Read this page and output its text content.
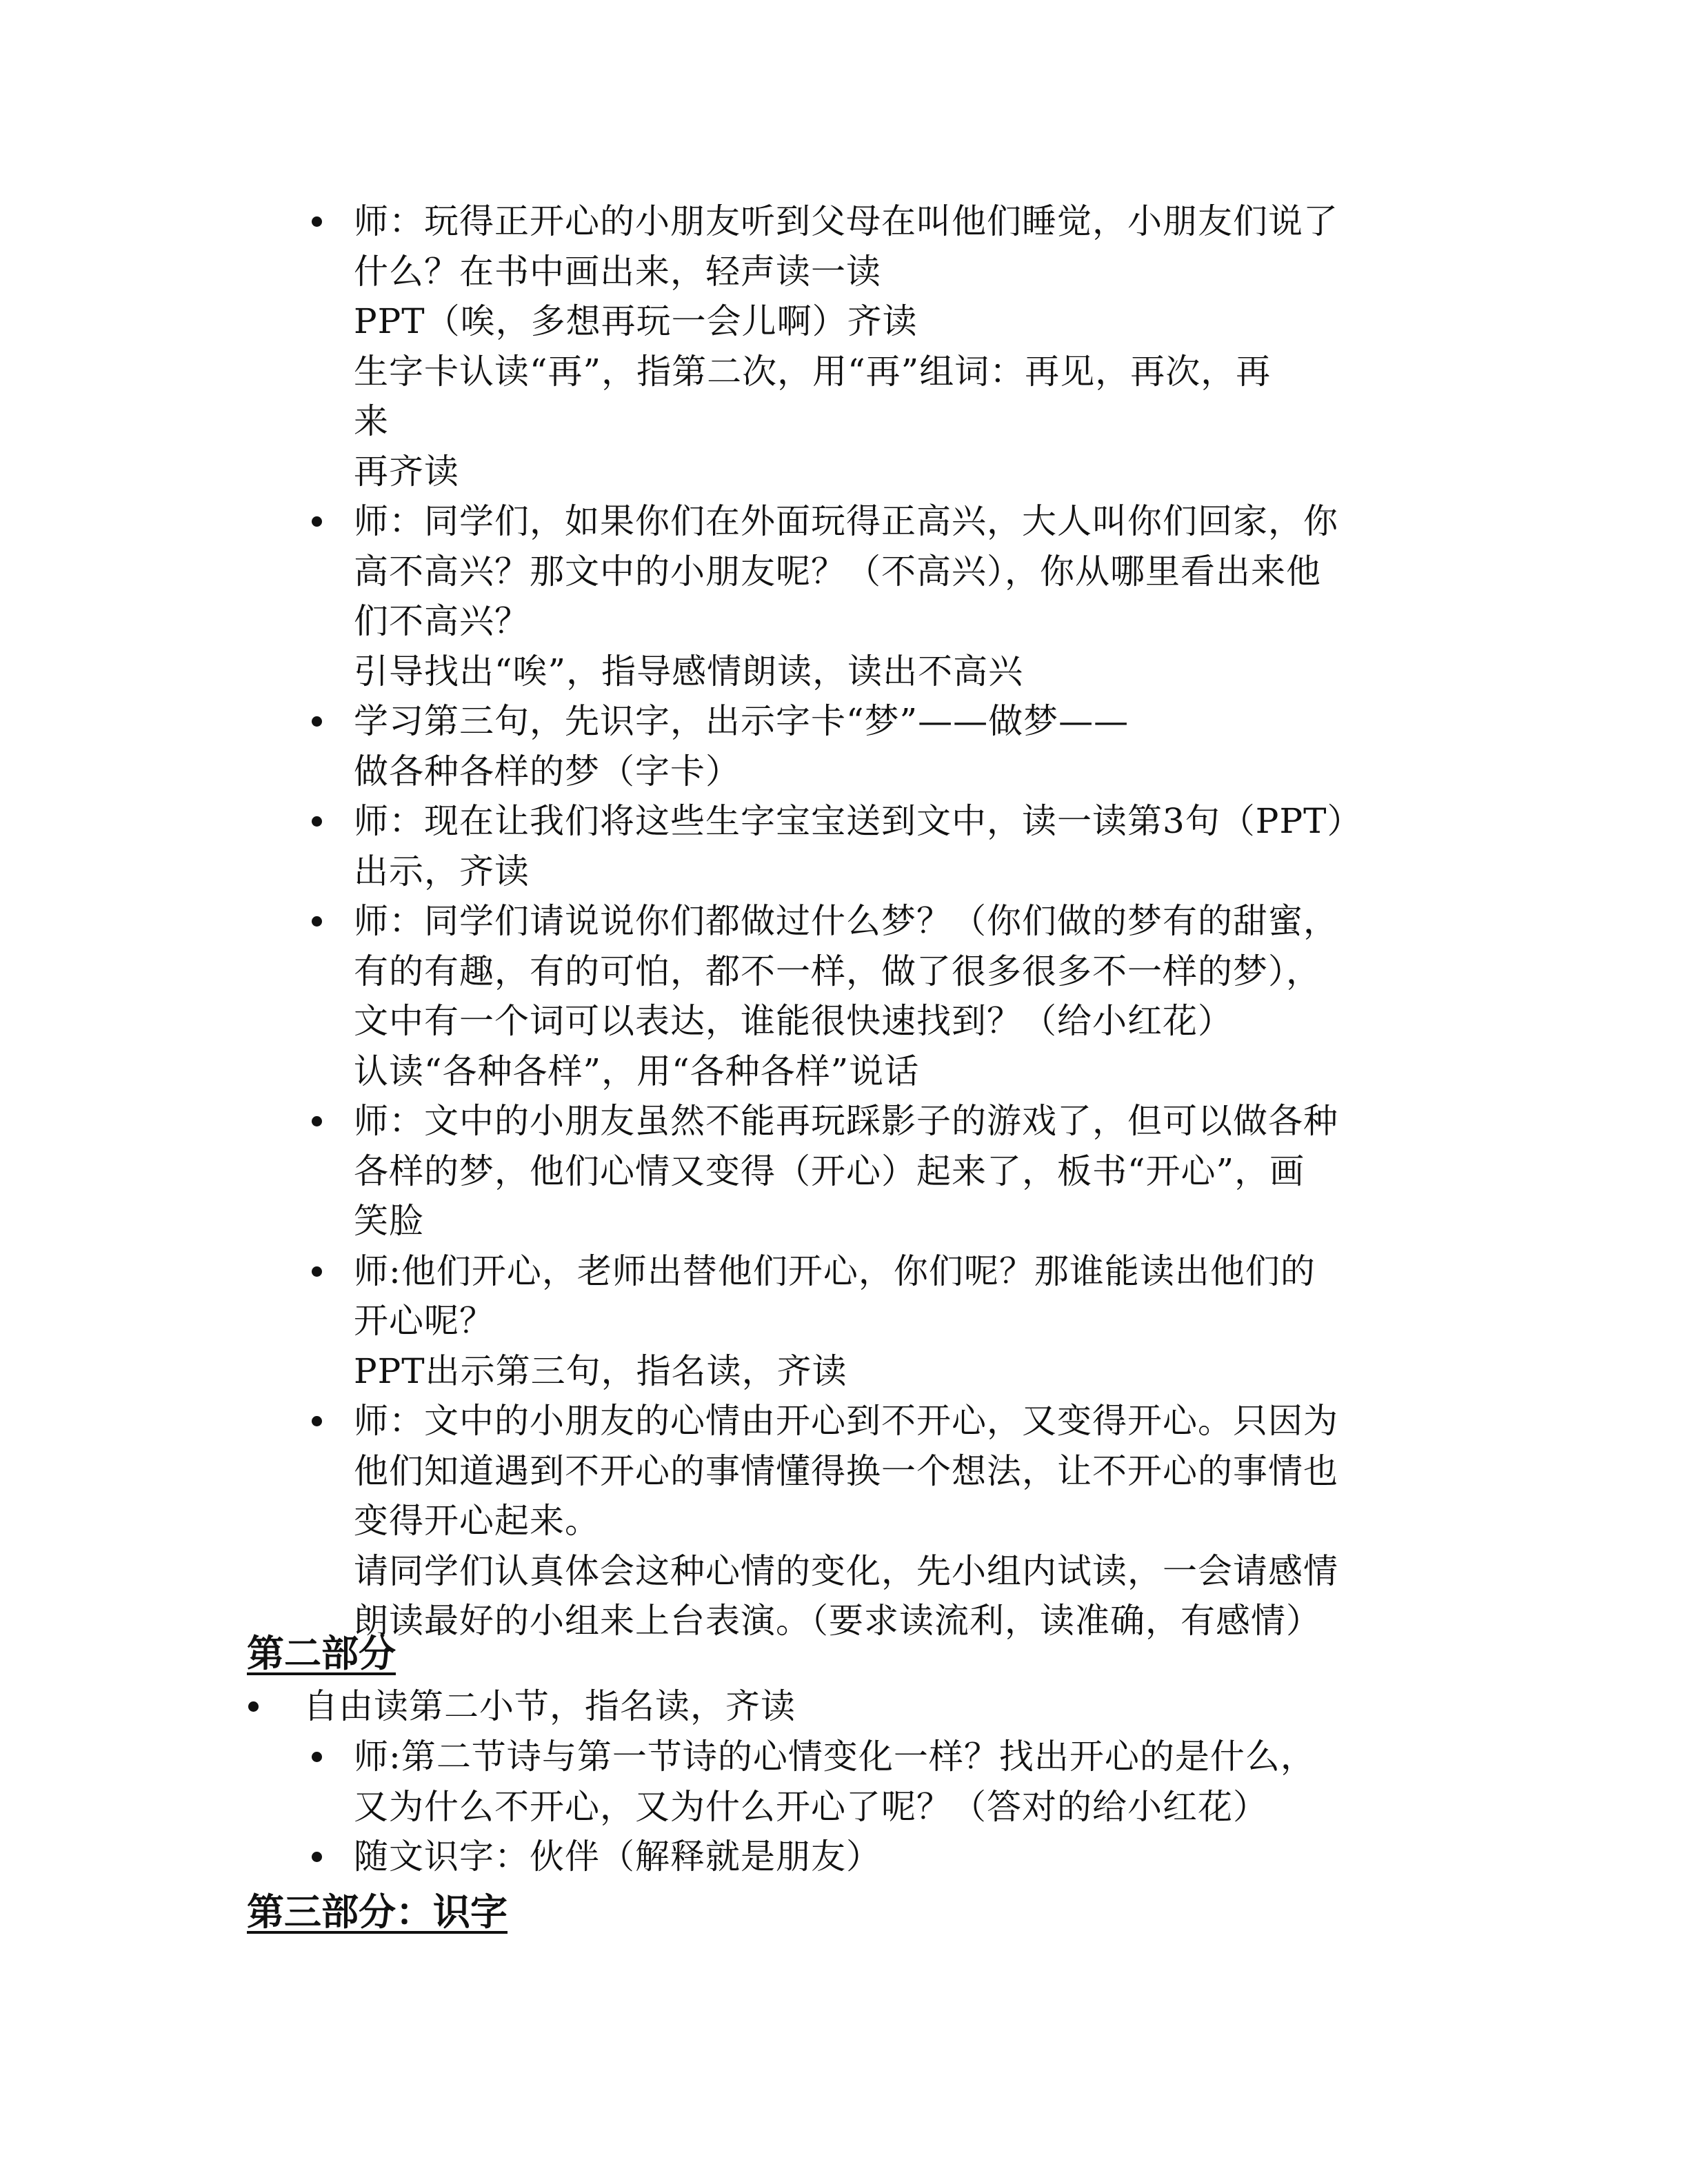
师：玩得正开心的小朋友听到父母在叫他们睡觉，小朋友们说了
什么？在书中画出来，轻声读一读
PPT（唉，多想再玩一会儿啊）齐读
生字卡认读“再”，指第二次，用“再”组词：再见，再次，再
来
再齐读
师：同学们，如果你们在外面玩得正高兴，大人叫你们回家，你
高不高兴？那文中的小朋友呢？（不高兴），你从哪里看出来他
们不高兴？
引导找出“唉”，指导感情朗读，读出不高兴
学习第三句，先识字，出示字卡“梦”——做梦——
做各种各样的梦（字卡）
师：现在让我们将这些生字宝宝送到文中，读一读第3句（PPT）
出示，齐读
师：同学们请说说你们都做过什么梦？（你们做的梦有的甜蜜，
有的有趣，有的可怕，都不一样，做了很多很多不一样的梦），
文中有一个词可以表达，谁能很快速找到？（给小红花）
认读“各种各样”，用“各种各样”说话
师：文中的小朋友虽然不能再玩踩影子的游戏了，但可以做各种
各样的梦，他们心情又变得（开心）起来了，板书“开心”，画
笑脸
师:他们开心，老师出替他们开心，你们呢？那谁能读出他们的
开心呢？
PPT出示第三句，指名读，齐读
师：文中的小朋友的心情由开心到不开心，又变得开心。只因为
他们知道遇到不开心的事情懂得换一个想法，让不开心的事情也
变得开心起来。
请同学们认真体会这种心情的变化，先小组内试读，一会请感情
朗读最好的小组来上台表演。（要求读流利，读准确，有感情）
第二部分
自由读第二小节，指名读，齐读
师:第二节诗与第一节诗的心情变化一样？找出开心的是什么，
又为什么不开心，又为什么开心了呢？（答对的给小红花）
随文识字：伙伴（解释就是朋友）
第三部分：识字
